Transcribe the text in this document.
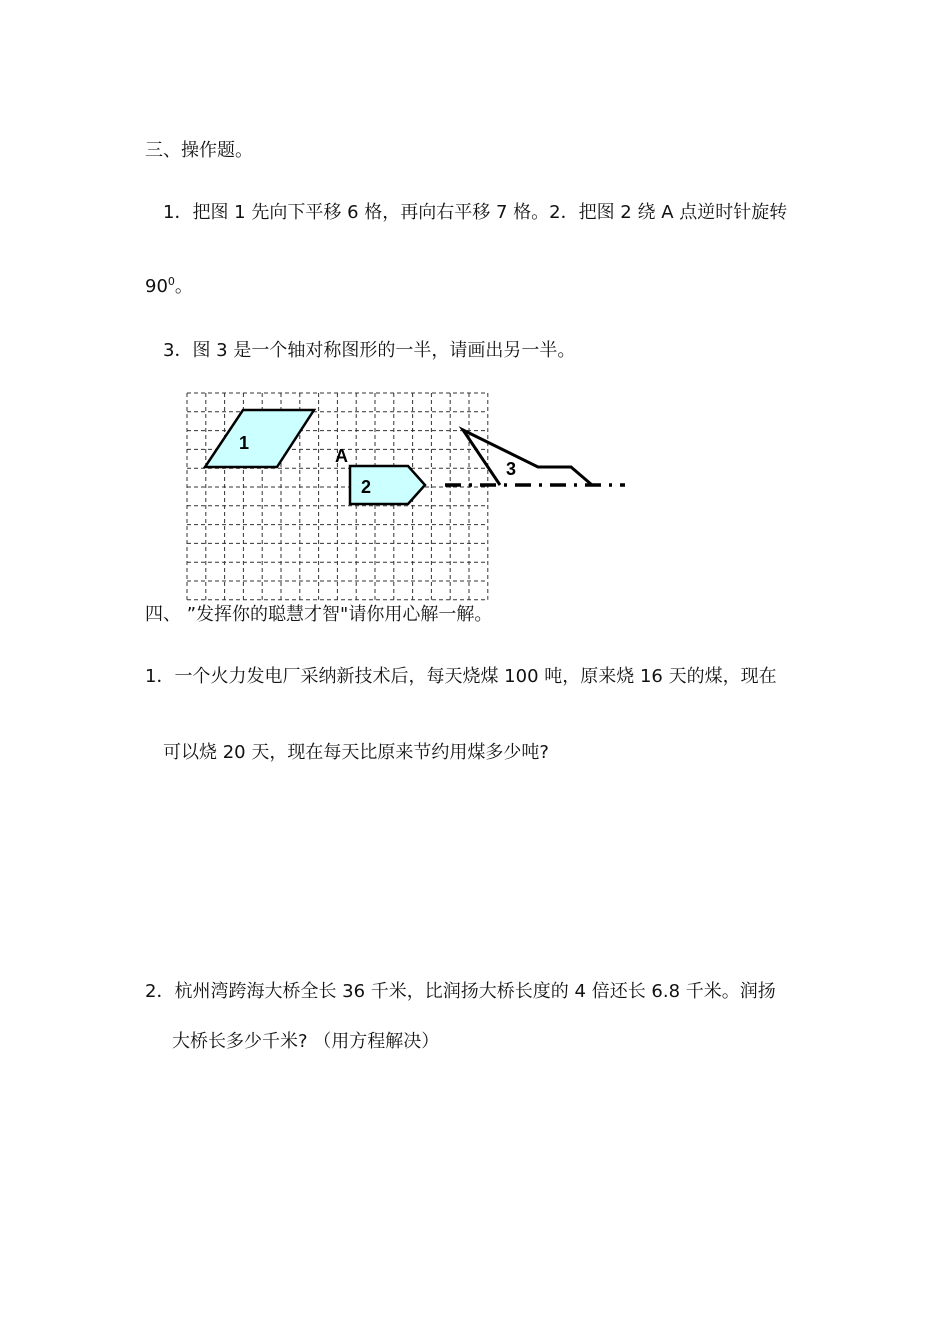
三、操作题。
1．把图 1 先向下平移 6 格，再向右平移 7 格。2．把图 2 绕 A 点逆时针旋转
$90^0$。
3．图 3 是一个轴对称图形的一半，请画出另一半。
1
2
3
A
四、 ”发挥你的聪慧才智"请你用心解一解。
1．一个火力发电厂采纳新技术后，每天烧煤 100 吨，原来烧 16 天的煤，现在
可以烧 20 天，现在每天比原来节约用煤多少吨?
2．杭州湾跨海大桥全长 36 千米，比润扬大桥长度的 4 倍还长 6.8 千米。润扬
大桥长多少千米? （用方程解决）
